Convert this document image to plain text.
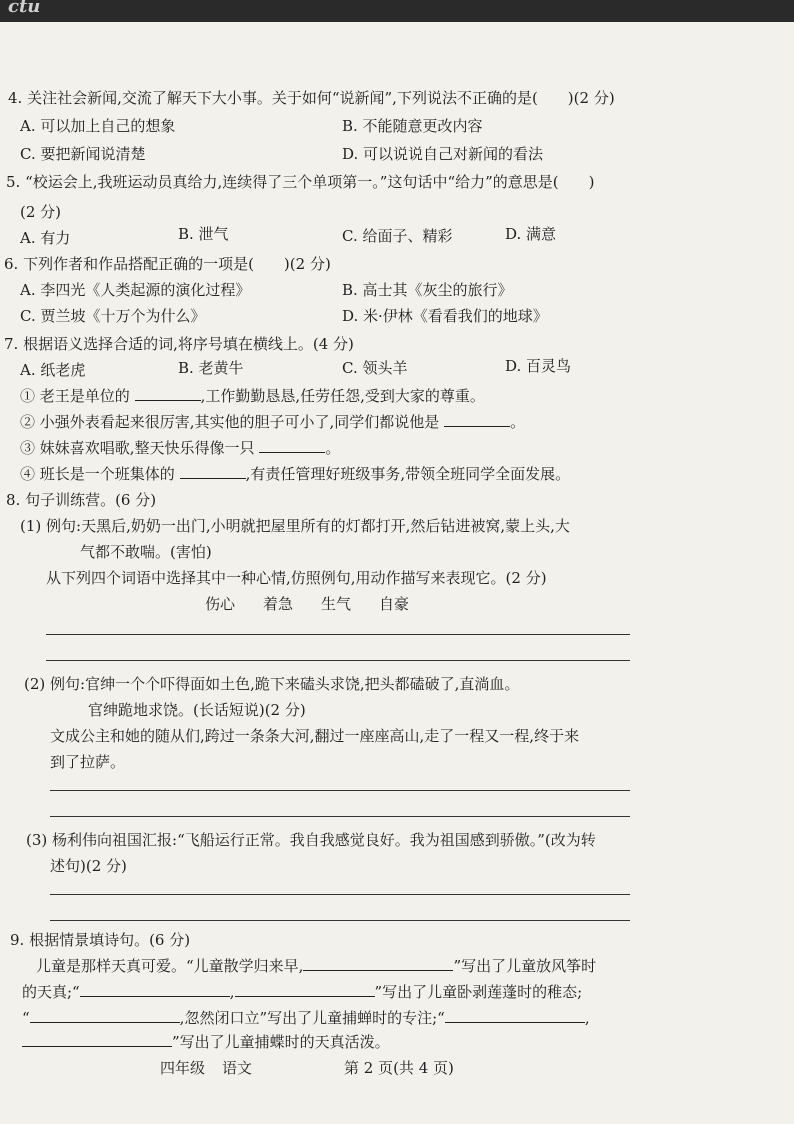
ctu
4. 关注社会新闻,交流了解天下大小事。关于如何“说新闻”,下列说法不正确的是(　　)(2 分)
A. 可以加上自己的想象	B. 不能随意更改内容
C. 要把新闻说清楚	D. 可以说说自己对新闻的看法
5. “校运会上,我班运动员真给力,连续得了三个单项第一。”这句话中“给力”的意思是(　　)
(2 分)
A. 有力	B. 泄气	C. 给面子、精彩	D. 满意
6. 下列作者和作品搭配正确的一项是(　　)(2 分)
A. 李四光《人类起源的演化过程》	B. 高士其《灰尘的旅行》
C. 贾兰坡《十万个为什么》	D. 米·伊林《看看我们的地球》
7. 根据语义选择合适的词,将序号填在横线上。(4 分)
A. 纸老虎	B. 老黄牛	C. 领头羊	D. 百灵鸟
① 老王是单位的	,工作勤勤恳恳,任劳任怨,受到大家的尊重。
② 小强外表看起来很厉害,其实他的胆子可小了,同学们都说他是	。
③ 妹妹喜欢唱歌,整天快乐得像一只	。
④ 班长是一个班集体的	,有责任管理好班级事务,带领全班同学全面发展。
8. 句子训练营。(6 分)
(1) 例句:天黑后,奶奶一出门,小明就把屋里所有的灯都打开,然后钻进被窝,蒙上头,大
气都不敢喘。(害怕)
从下列四个词语中选择其中一种心情,仿照例句,用动作描写来表现它。(2 分)
伤心 着急 生气 自豪
(2) 例句:官绅一个个吓得面如土色,跪下来磕头求饶,把头都磕破了,直淌血。
官绅跪地求饶。(长话短说)(2 分)
文成公主和她的随从们,跨过一条条大河,翻过一座座高山,走了一程又一程,终于来
到了拉萨。
(3) 杨利伟向祖国汇报:“飞船运行正常。我自我感觉良好。我为祖国感到骄傲。”(改为转
述句)(2 分)
9. 根据情景填诗句。(6 分)
儿童是那样天真可爱。“儿童散学归来早,	”写出了儿童放风筝时
的天真;“	,	”写出了儿童卧剥莲蓬时的稚态;
“	,忽然闭口立”写出了儿童捕蝉时的专注;“	,
”写出了儿童捕蝶时的天真活泼。
四年级 语文	第 2 页(共 4 页)
